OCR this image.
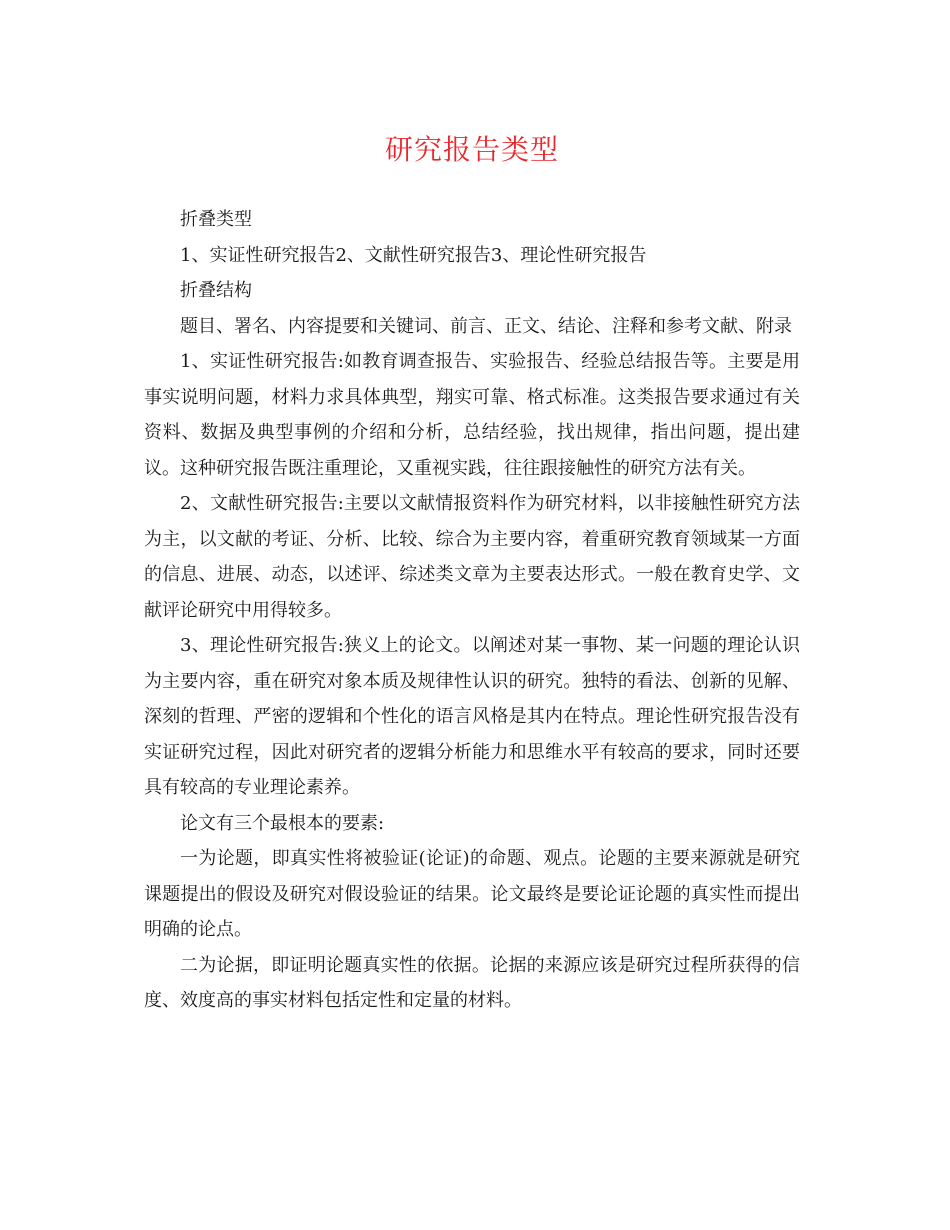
研究报告类型

折叠类型

1、实证性研究报告2、文献性研究报告3、理论性研究报告

折叠结构

题目、署名、内容提要和关键词、前言、正文、结论、注释和参考文献、附录

1、实证性研究报告:如教育调查报告、实验报告、经验总结报告等。主要是用事实说明问题，材料力求具体典型，翔实可靠、格式标准。这类报告要求通过有关资料、数据及典型事例的介绍和分析，总结经验，找出规律，指出问题，提出建议。这种研究报告既注重理论，又重视实践，往往跟接触性的研究方法有关。

2、文献性研究报告:主要以文献情报资料作为研究材料，以非接触性研究方法为主，以文献的考证、分析、比较、综合为主要内容，着重研究教育领域某一方面的信息、进展、动态，以述评、综述类文章为主要表达形式。一般在教育史学、文献评论研究中用得较多。

3、理论性研究报告:狭义上的论文。以阐述对某一事物、某一问题的理论认识为主要内容，重在研究对象本质及规律性认识的研究。独特的看法、创新的见解、深刻的哲理、严密的逻辑和个性化的语言风格是其内在特点。理论性研究报告没有实证研究过程，因此对研究者的逻辑分析能力和思维水平有较高的要求，同时还要具有较高的专业理论素养。

论文有三个最根本的要素:

一为论题，即真实性将被验证(论证)的命题、观点。论题的主要来源就是研究课题提出的假设及研究对假设验证的结果。论文最终是要论证论题的真实性而提出明确的论点。

二为论据，即证明论题真实性的依据。论据的来源应该是研究过程所获得的信度、效度高的事实材料包括定性和定量的材料。
